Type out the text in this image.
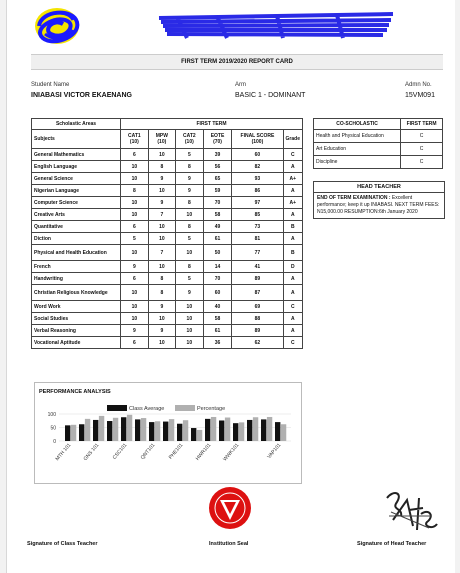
FIRST TERM 2019/2020 REPORT CARD
Student Name
INIABASI VICTOR EKAENANG
Arm
BASIC 1 - DOMINANT
Admn No.
15VM091
Scholastic Areas	FIRST TERM					
Subjects	CAT1 (10)	MPW (10)	CAT2 (10)	EOTE (70)	FINAL SCORE (100)	Grade
General Mathematics	6	10	5	39	60	C
English Language	10	8	8	56	82	A
General Science	10	9	9	65	93	A+
Nigerian Language	8	10	9	59	86	A
Computer Science	10	9	8	70	97	A+
Creative Arts	10	7	10	58	85	A
Quantitative	6	10	8	49	73	B
Diction	5	10	5	61	81	A
Physical and Health Education	10	7	10	50	77	B
French	9	10	8	14	41	D
Handwriting	6	8	5	70	89	A
Christian Religious Knowledge	10	8	9	60	87	A
Word Work	10	9	10	40	69	C
Social Studies	10	10	10	58	88	A
Verbal Reasoning	9	9	10	61	89	A
Vocational Aptitude	6	10	10	36	62	C
CO-SCHOLASTIC	FIRST TERM
Health and Physical Education	C
Art Education	C
Discipline	C
HEAD TEACHER
END OF TERM EXAMINATION : Excellent performance; keep it up INIABASI. NEXT TERM FEES: N15,000.00 RESUMPTION:6th January 2020
PERFORMANCE ANALYSIS
100
50
0
Class Average	Percentage
MTH 101 GNS 101 CSC101 QNT101 PHE101 HWR101 WWK101	VAP101
Signature of Class Teacher	Institution Seal	Signature of Head Teacher
